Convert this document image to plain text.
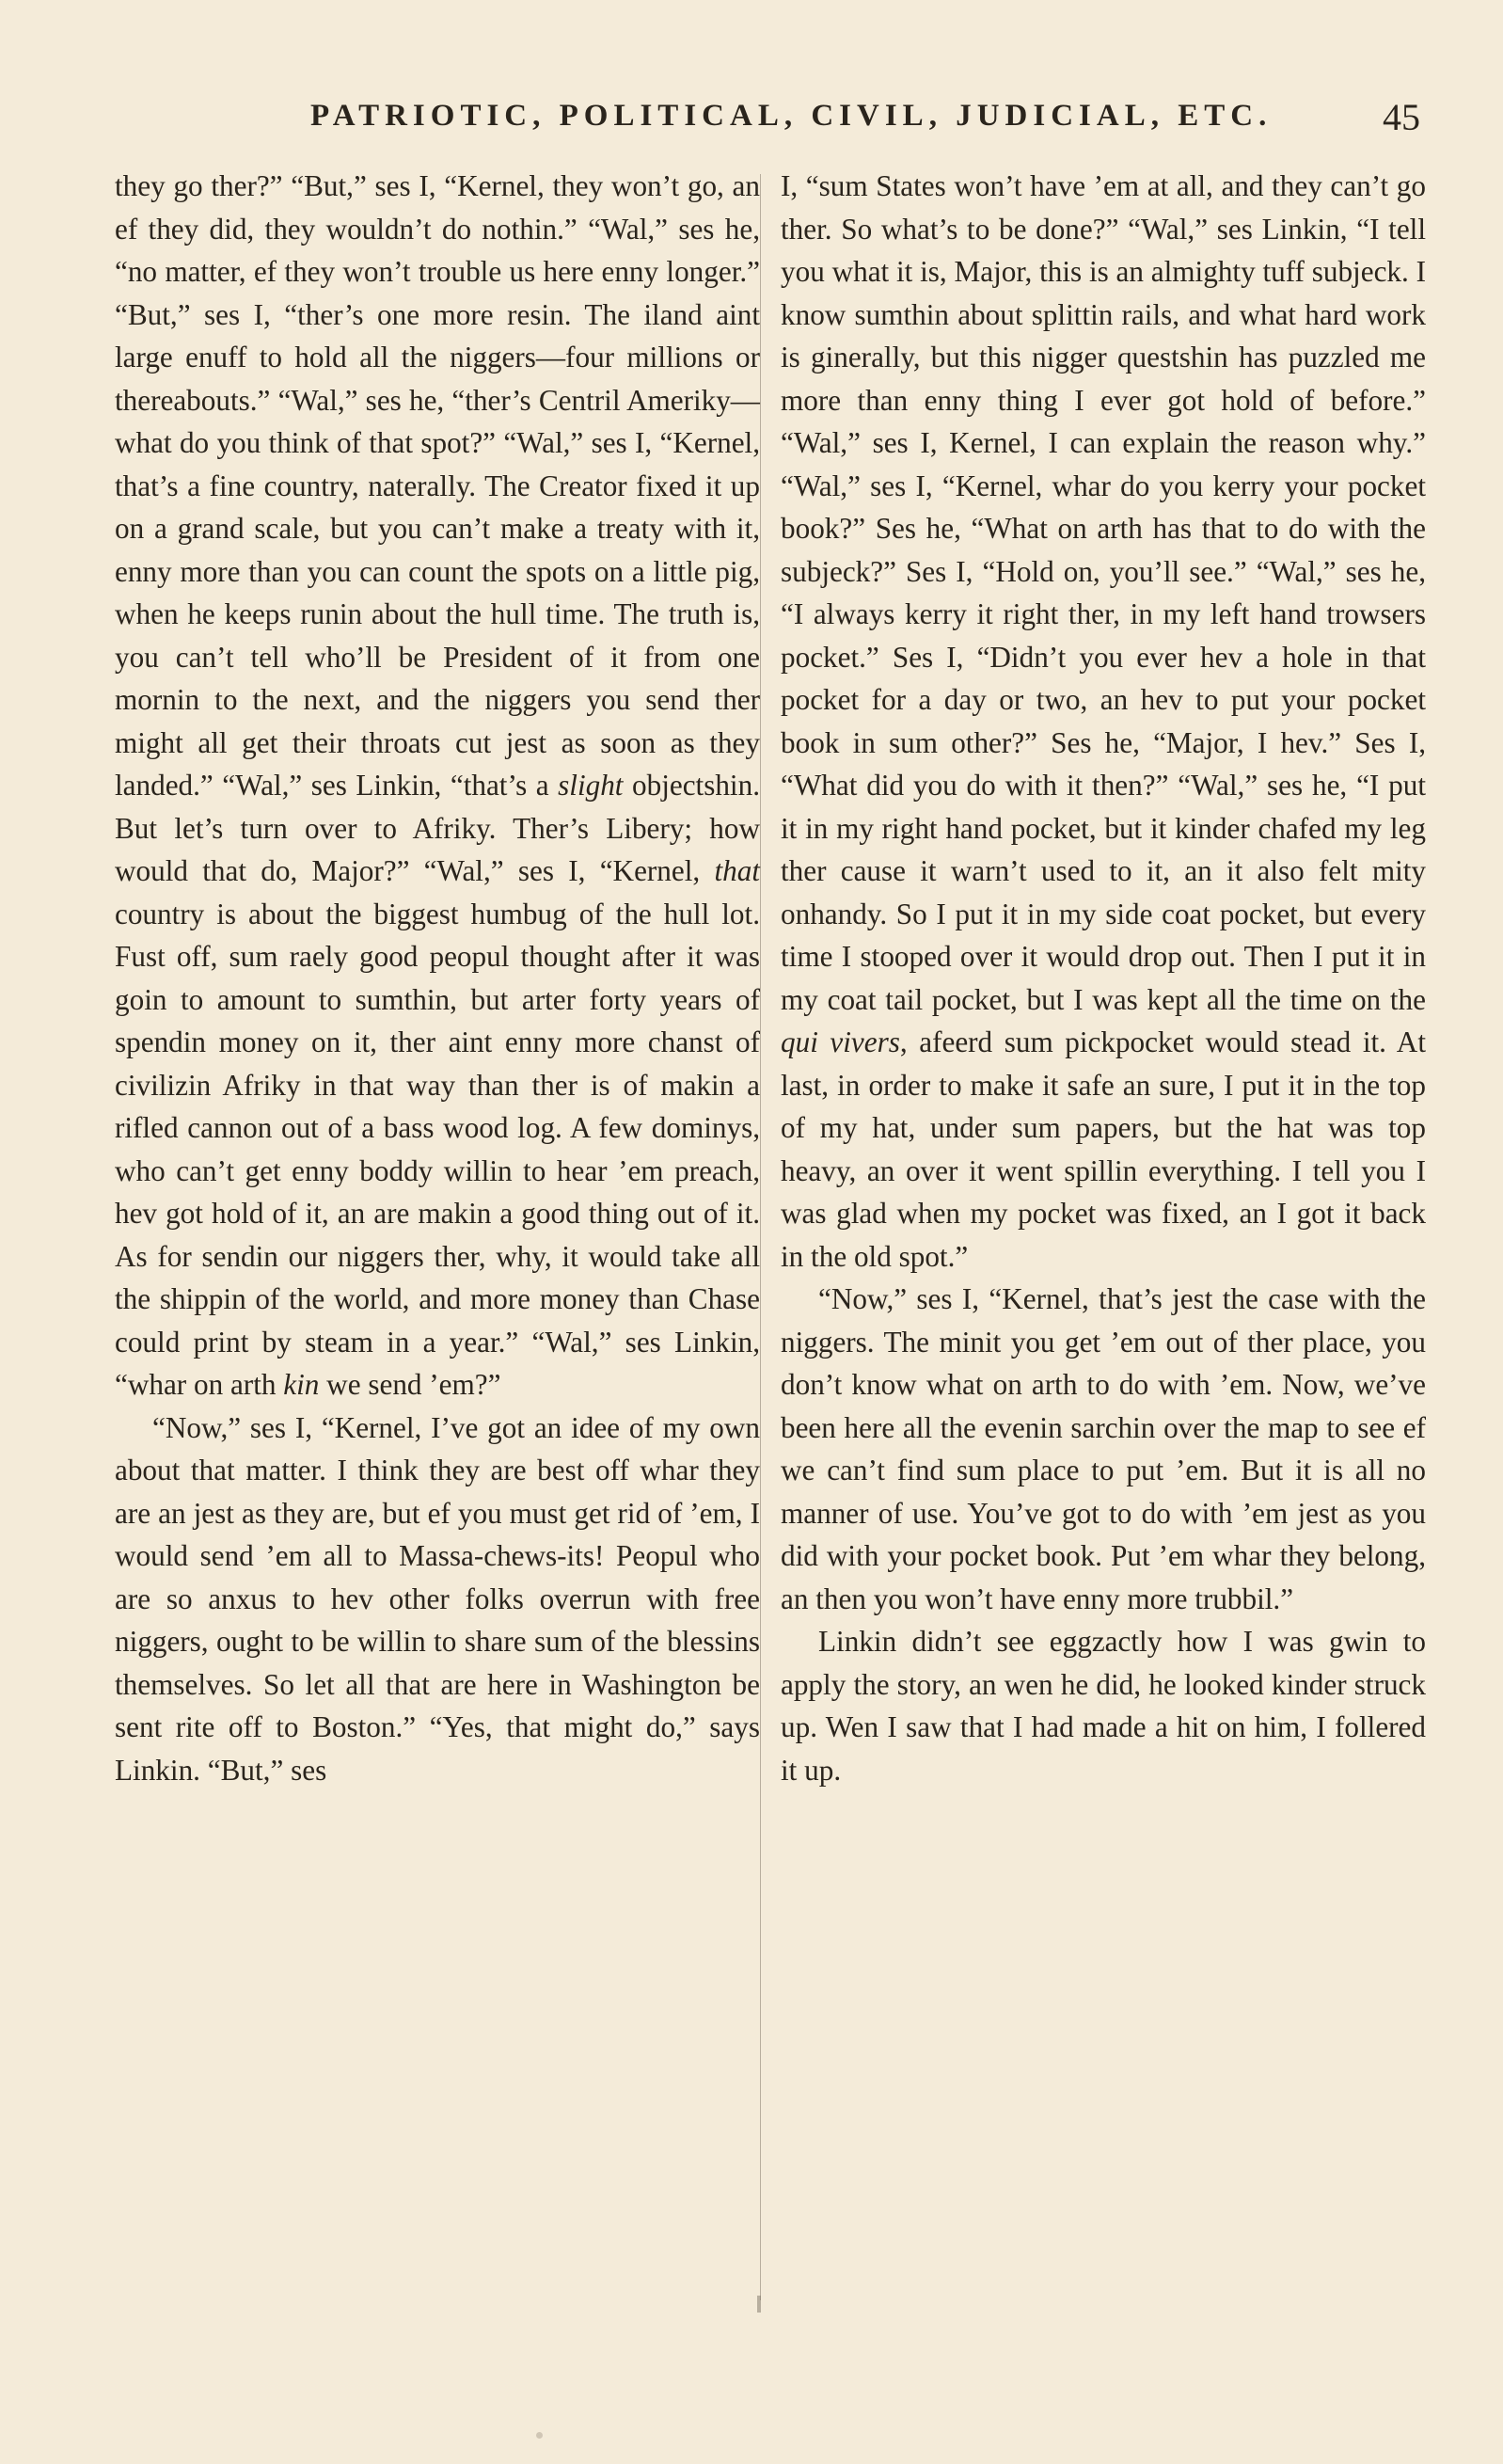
PATRIOTIC, POLITICAL, CIVIL, JUDICIAL, ETC.	45

they go ther?” “But,” ses I, “Kernel, they won’t go, an ef they did, they wouldn’t do nothin.” “Wal,” ses he, “no matter, ef they won’t trouble us here enny longer.” “But,” ses I, “ther’s one more resin. The iland aint large enuff to hold all the niggers—four millions or thereabouts.” “Wal,” ses he, “ther’s Centril Ameriky—what do you think of that spot?” “Wal,” ses I, “Kernel, that’s a fine country, naterally. The Creator fixed it up on a grand scale, but you can’t make a treaty with it, enny more than you can count the spots on a little pig, when he keeps runin about the hull time. The truth is, you can’t tell who’ll be President of it from one mornin to the next, and the niggers you send ther might all get their throats cut jest as soon as they landed.” “Wal,” ses Linkin, “that’s a slight objectshin. But let’s turn over to Afriky. Ther’s Libery; how would that do, Major?” “Wal,” ses I, “Kernel, that country is about the biggest humbug of the hull lot. Fust off, sum raely good peopul thought after it was goin to amount to sumthin, but arter forty years of spendin money on it, ther aint enny more chanst of civilizin Afriky in that way than ther is of makin a rifled cannon out of a bass wood log. A few dominys, who can’t get enny boddy willin to hear ’em preach, hev got hold of it, an are makin a good thing out of it. As for sendin our niggers ther, why, it would take all the shippin of the world, and more money than Chase could print by steam in a year.” “Wal,” ses Linkin, “whar on arth kin we send ’em?”

“Now,” ses I, “Kernel, I’ve got an idee of my own about that matter. I think they are best off whar they are an jest as they are, but ef you must get rid of ’em, I would send ’em all to Massa-chews-its! Peopul who are so anxus to hev other folks overrun with free niggers, ought to be willin to share sum of the blessins themselves. So let all that are here in Washington be sent rite off to Boston.” “Yes, that might do,” says Linkin. “But,” ses

I, “sum States won’t have ’em at all, and they can’t go ther. So what’s to be done?” “Wal,” ses Linkin, “I tell you what it is, Major, this is an almighty tuff subjeck. I know sumthin about splittin rails, and what hard work is ginerally, but this nigger questshin has puzzled me more than enny thing I ever got hold of before.” “Wal,” ses I, Kernel, I can explain the reason why.” “Wal,” ses I, “Kernel, whar do you kerry your pocket book?” Ses he, “What on arth has that to do with the subjeck?” Ses I, “Hold on, you’ll see.” “Wal,” ses he, “I always kerry it right ther, in my left hand trowsers pocket.” Ses I, “Didn’t you ever hev a hole in that pocket for a day or two, an hev to put your pocket book in sum other?” Ses he, “Major, I hev.” Ses I, “What did you do with it then?” “Wal,” ses he, “I put it in my right hand pocket, but it kinder chafed my leg ther cause it warn’t used to it, an it also felt mity onhandy. So I put it in my side coat pocket, but every time I stooped over it would drop out. Then I put it in my coat tail pocket, but I was kept all the time on the qui vivers, afeerd sum pickpocket would stead it. At last, in order to make it safe an sure, I put it in the top of my hat, under sum papers, but the hat was top heavy, an over it went spillin everything. I tell you I was glad when my pocket was fixed, an I got it back in the old spot.”

“Now,” ses I, “Kernel, that’s jest the case with the niggers. The minit you get ’em out of ther place, you don’t know what on arth to do with ’em. Now, we’ve been here all the evenin sarchin over the map to see ef we can’t find sum place to put ’em. But it is all no manner of use. You’ve got to do with ’em jest as you did with your pocket book. Put ’em whar they belong, an then you won’t have enny more trubbil.”

Linkin didn’t see eggzactly how I was gwin to apply the story, an wen he did, he looked kinder struck up. Wen I saw that I had made a hit on him, I follered it up.
